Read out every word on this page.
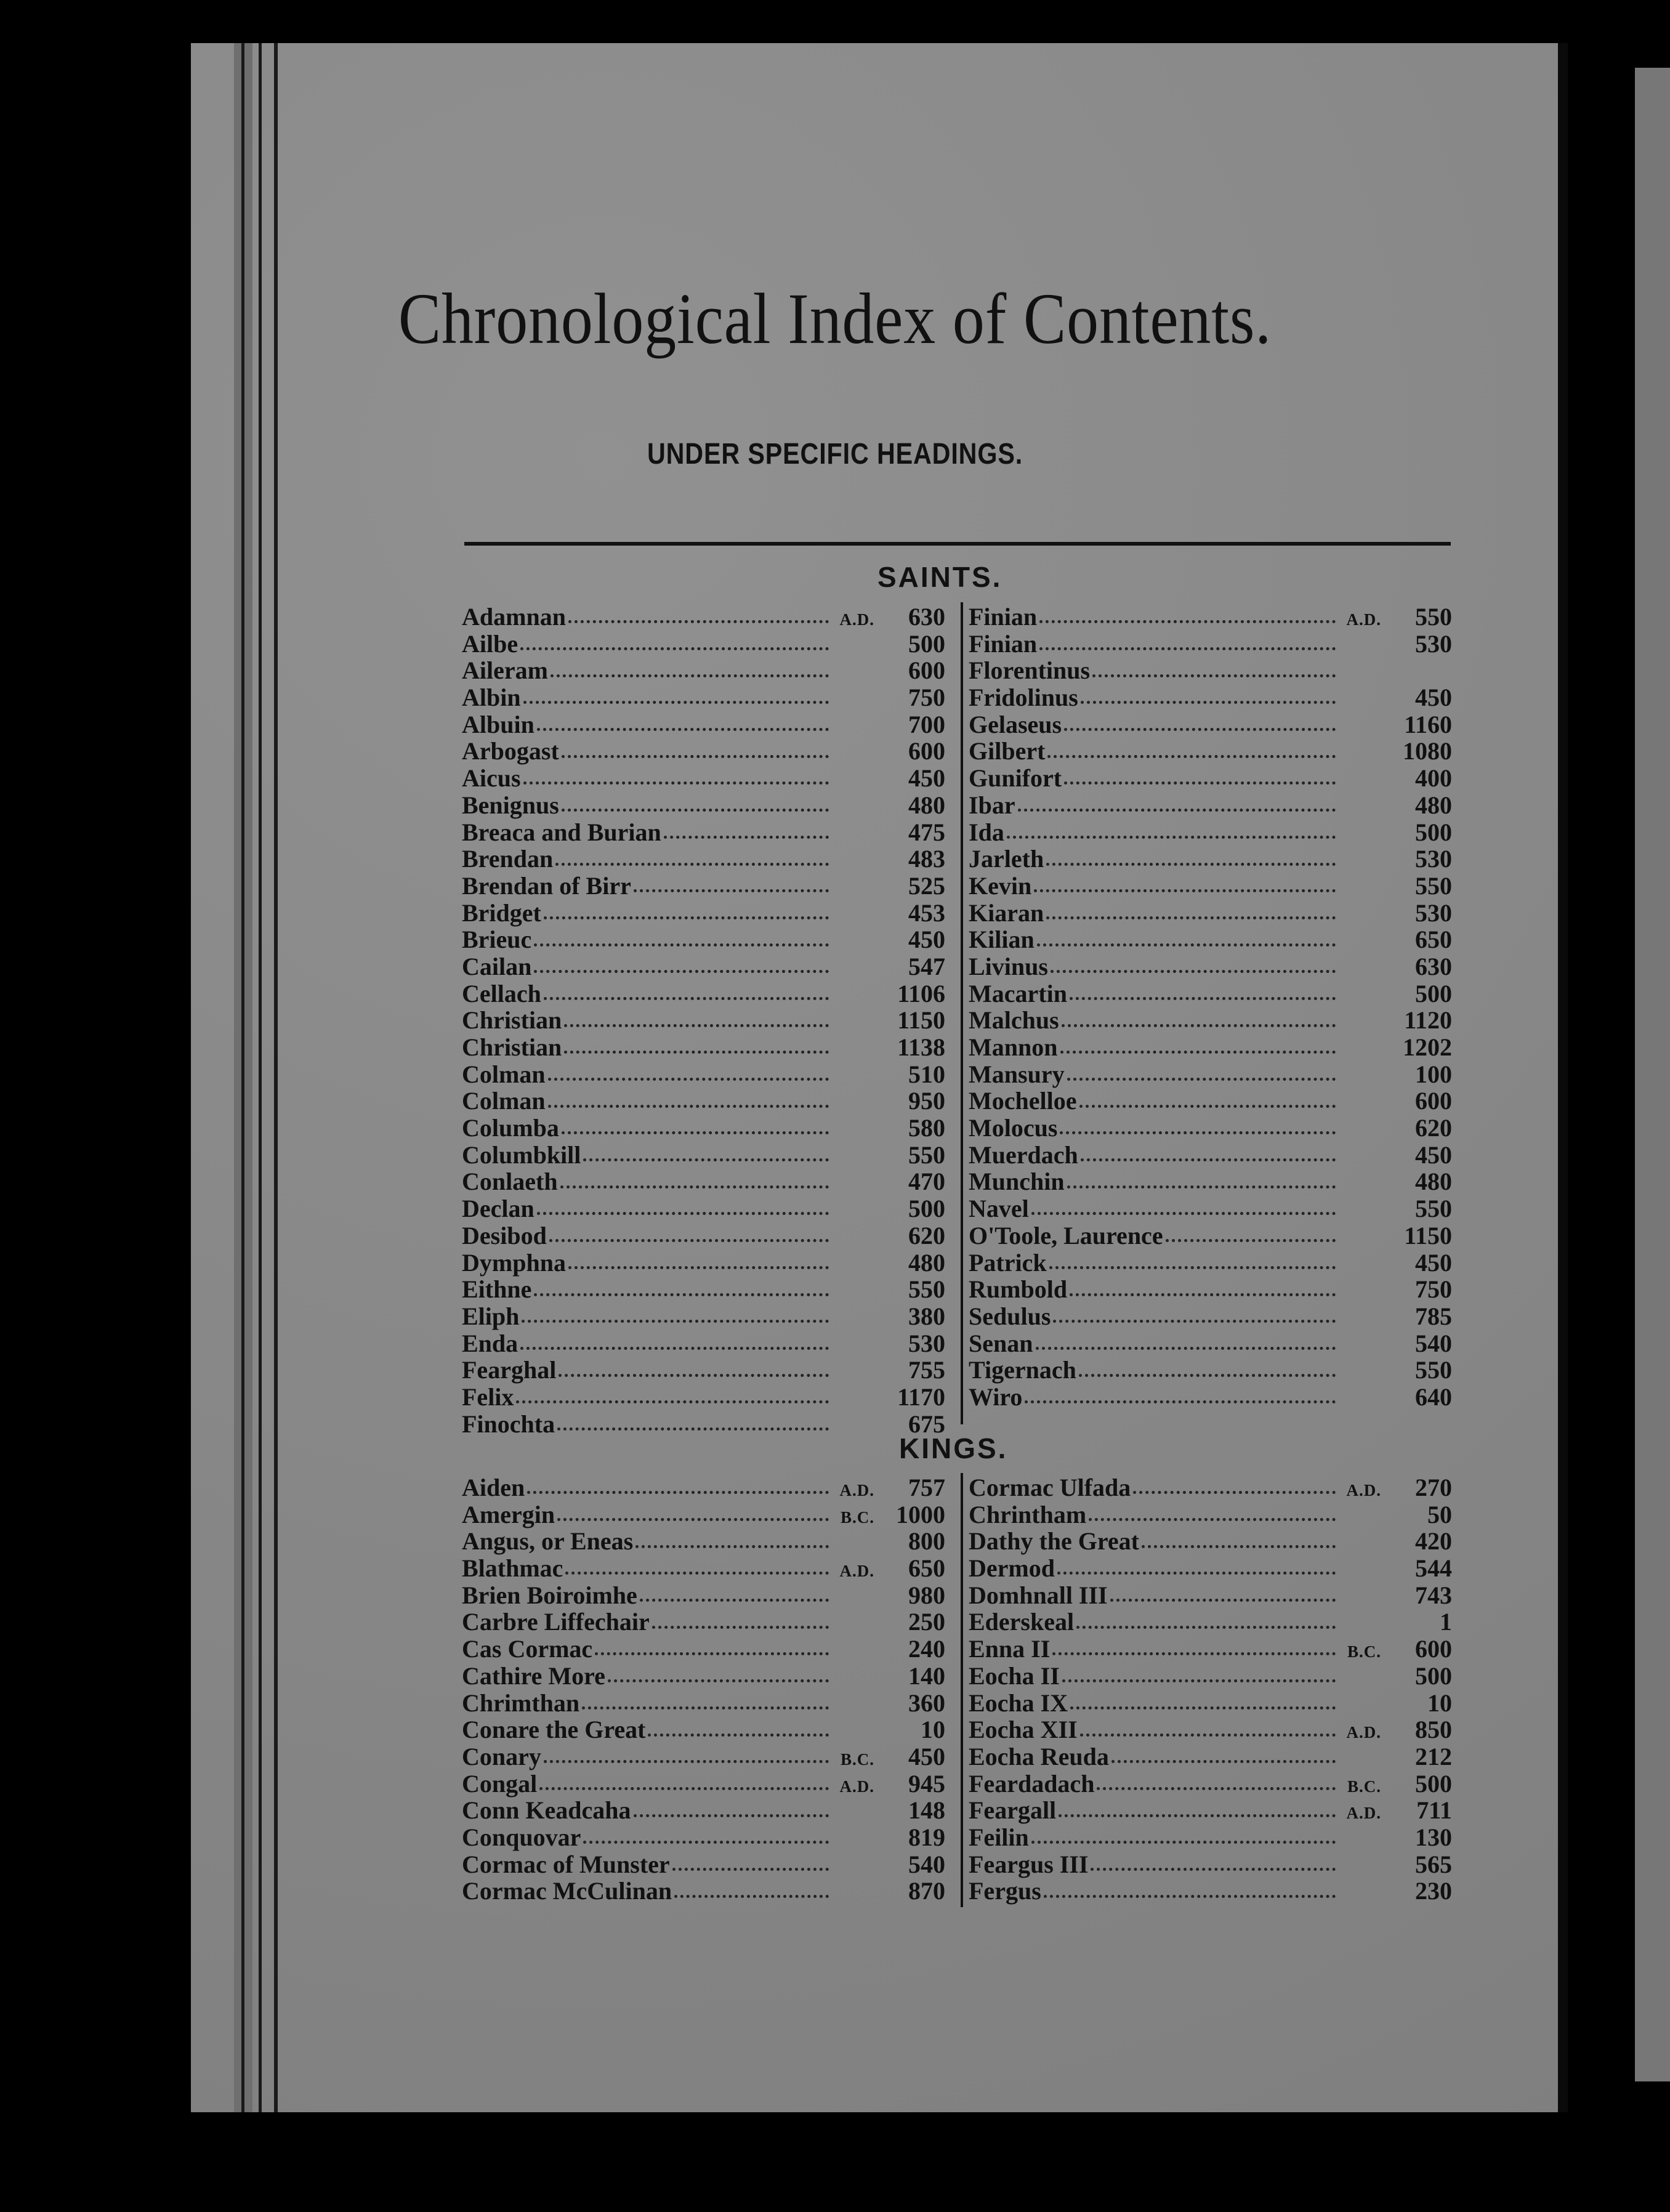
Chronological Index of Contents.
UNDER SPECIFIC HEADINGS.
SAINTS.
Adamnan	A.D.	630
Ailbe	500
Aileram	600
Albin	750
Albuin	700
Arbogast	600
Aicus	450
Benignus	480
Breaca and Burian	475
Brendan	483
Brendan of Birr	525
Bridget	453
Brieuc	450
Cailan	547
Cellach	1106
Christian	1150
Christian	1138
Colman	510
Colman	950
Columba	580
Columbkill	550
Conlaeth	470
Declan	500
Desibod	620
Dymphna	480
Eithne	550
Eliph	380
Enda	530
Fearghal	755
Felix	1170
Finochta	675
Finian	A.D.	550
Finian	530
Florentinus
Fridolinus	450
Gelaseus	1160
Gilbert	1080
Gunifort	400
Ibar	480
Ida	500
Jarleth	530
Kevin	550
Kiaran	530
Kilian	650
Livinus	630
Macartin	500
Malchus	1120
Mannon	1202
Mansury	100
Mochelloe	600
Molocus	620
Muerdach	450
Munchin	480
Navel	550
O'Toole, Laurence	1150
Patrick	450
Rumbold	750
Sedulus	785
Senan	540
Tigernach	550
Wiro	640
KINGS.
Aiden	A.D.	757
Amergin	B.C. 1000
Angus, or Eneas	800
Blathmac	A.D.	650
Brien Boiroimhe	980
Carbre Liffechair	250
Cas Cormac	240
Cathire More	140
Chrimthan	360
Conare the Great	10
Conary	B.C.	450
Congal	A.D.	945
Conn Keadcaha	148
Conquovar	819
Cormac of Munster	540
Cormac McCulinan	870
Cormac Ulfada	A.D.	270
Chrintham	50
Dathy the Great	420
Dermod	544
Domhnall III	743
Ederskeal	1
Enna II	B.C.	600
Eocha II	500
Eocha IX	10
Eocha XII	A.D.	850
Eocha Reuda	212
Feardadach	B.C.	500
Feargall	A.D.	711
Feilin	130
Feargus III	565
Fergus	230
